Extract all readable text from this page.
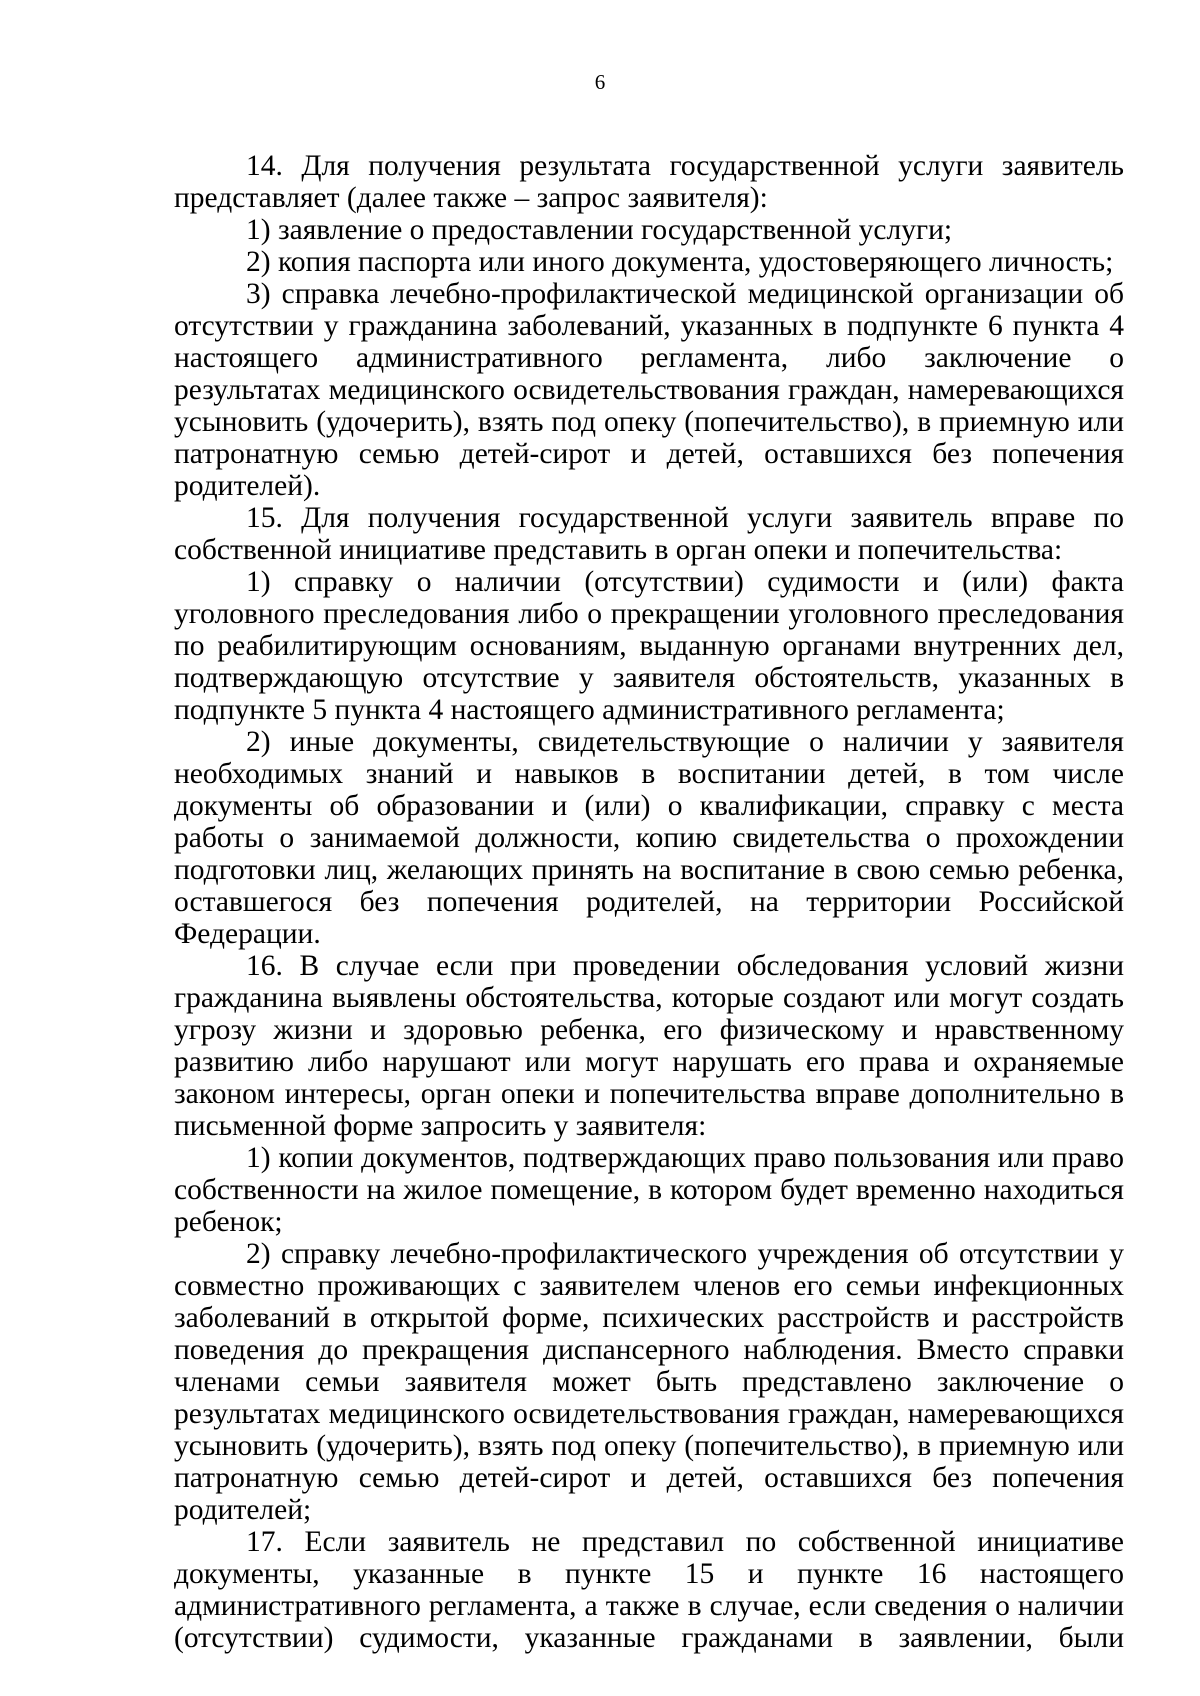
6

14. Для получения результата государственной услуги заявитель представляет (далее также – запрос заявителя):

1) заявление о предоставлении государственной услуги;

2) копия паспорта или иного документа, удостоверяющего личность;

3) справка лечебно-профилактической медицинской организации об отсутствии у гражданина заболеваний, указанных в подпункте 6 пункта 4 настоящего административного регламента, либо заключение о результатах медицинского освидетельствования граждан, намеревающихся усыновить (удочерить), взять под опеку (попечительство), в приемную или патронатную семью детей-сирот и детей, оставшихся без попечения родителей).

15. Для получения государственной услуги заявитель вправе по собственной инициативе представить в орган опеки и попечительства:

1) справку о наличии (отсутствии) судимости и (или) факта уголовного преследования либо о прекращении уголовного преследования по реабилитирующим основаниям, выданную органами внутренних дел, подтверждающую отсутствие у заявителя обстоятельств, указанных в подпункте 5 пункта 4 настоящего административного регламента;

2) иные документы, свидетельствующие о наличии у заявителя необходимых знаний и навыков в воспитании детей, в том числе документы об образовании и (или) о квалификации, справку с места работы о занимаемой должности, копию свидетельства о прохождении подготовки лиц, желающих принять на воспитание в свою семью ребенка, оставшегося без попечения родителей, на территории Российской Федерации.

16. В случае если при проведении обследования условий жизни гражданина выявлены обстоятельства, которые создают или могут создать угрозу жизни и здоровью ребенка, его физическому и нравственному развитию либо нарушают или могут нарушать его права и охраняемые законом интересы, орган опеки и попечительства вправе дополнительно в письменной форме запросить у заявителя:

1) копии документов, подтверждающих право пользования или право собственности на жилое помещение, в котором будет временно находиться ребенок;

2) справку лечебно-профилактического учреждения об отсутствии у совместно проживающих с заявителем членов его семьи инфекционных заболеваний в открытой форме, психических расстройств и расстройств поведения до прекращения диспансерного наблюдения. Вместо справки членами семьи заявителя может быть представлено заключение о результатах медицинского освидетельствования граждан, намеревающихся усыновить (удочерить), взять под опеку (попечительство), в приемную или патронатную семью детей-сирот и детей, оставшихся без попечения родителей;

17. Если заявитель не представил по собственной инициативе документы, указанные в пункте 15 и пункте 16 настоящего административного регламента, а также в случае, если сведения о наличии (отсутствии) судимости, указанные гражданами в заявлении, были
